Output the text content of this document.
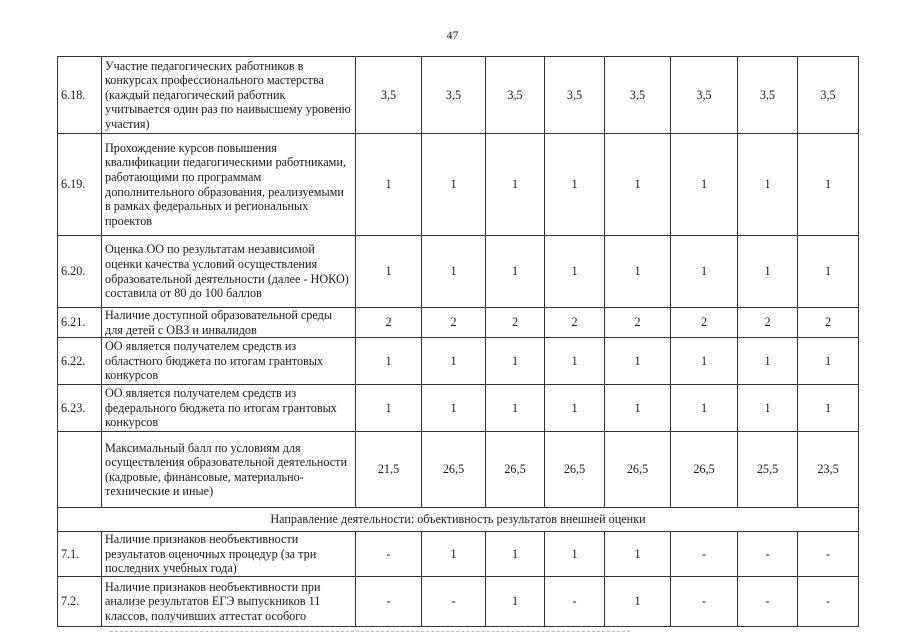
47
6.18.	Участие педагогических работников в конкурсах профессионального мастерства (каждый педагогический работник учитывается один раз по наивысшему уровеню участия)	3,5	3,5	3,5	3,5	3,5	3,5	3,5	3,5
6.19.	Прохождение курсов повышения квалификации педагогическими работниками, работающими по программам дополнительного образования, реализуемыми в рамках федеральных и региональных проектов	1	1	1	1	1	1	1	1
6.20.	Оценка ОО по результатам независимой оценки качества условий осуществления образовательной деятельности (далее - НОКО) составила от 80 до 100 баллов	1	1	1	1	1	1	1	1
6.21.	Наличие доступной образовательной среды для детей с ОВЗ и инвалидов	2	2	2	2	2	2	2	2
6.22.	ОО является получателем средств из областного бюджета по итогам грантовых конкурсов	1	1	1	1	1	1	1	1
6.23.	ОО является получателем средств из федерального бюджета по итогам грантовых конкурсов	1	1	1	1	1	1	1	1
	Максимальный балл по условиям для осуществления образовательной деятельности (кадровые, финансовые, материально-технические и иные)	21,5	26,5	26,5	26,5	26,5	26,5	25,5	23,5
Направление деятельности: объективность результатов внешней оценки									
7.1.	Наличие признаков необъективности результатов оценочных процедур (за три последних учебных года)	-	1	1	1	1	-	-	-
7.2.	Наличие признаков необъективности при анализе результатов ЕГЭ выпускников 11 классов, получивших аттестат особого	-	-	1	-	1	-	-	-
